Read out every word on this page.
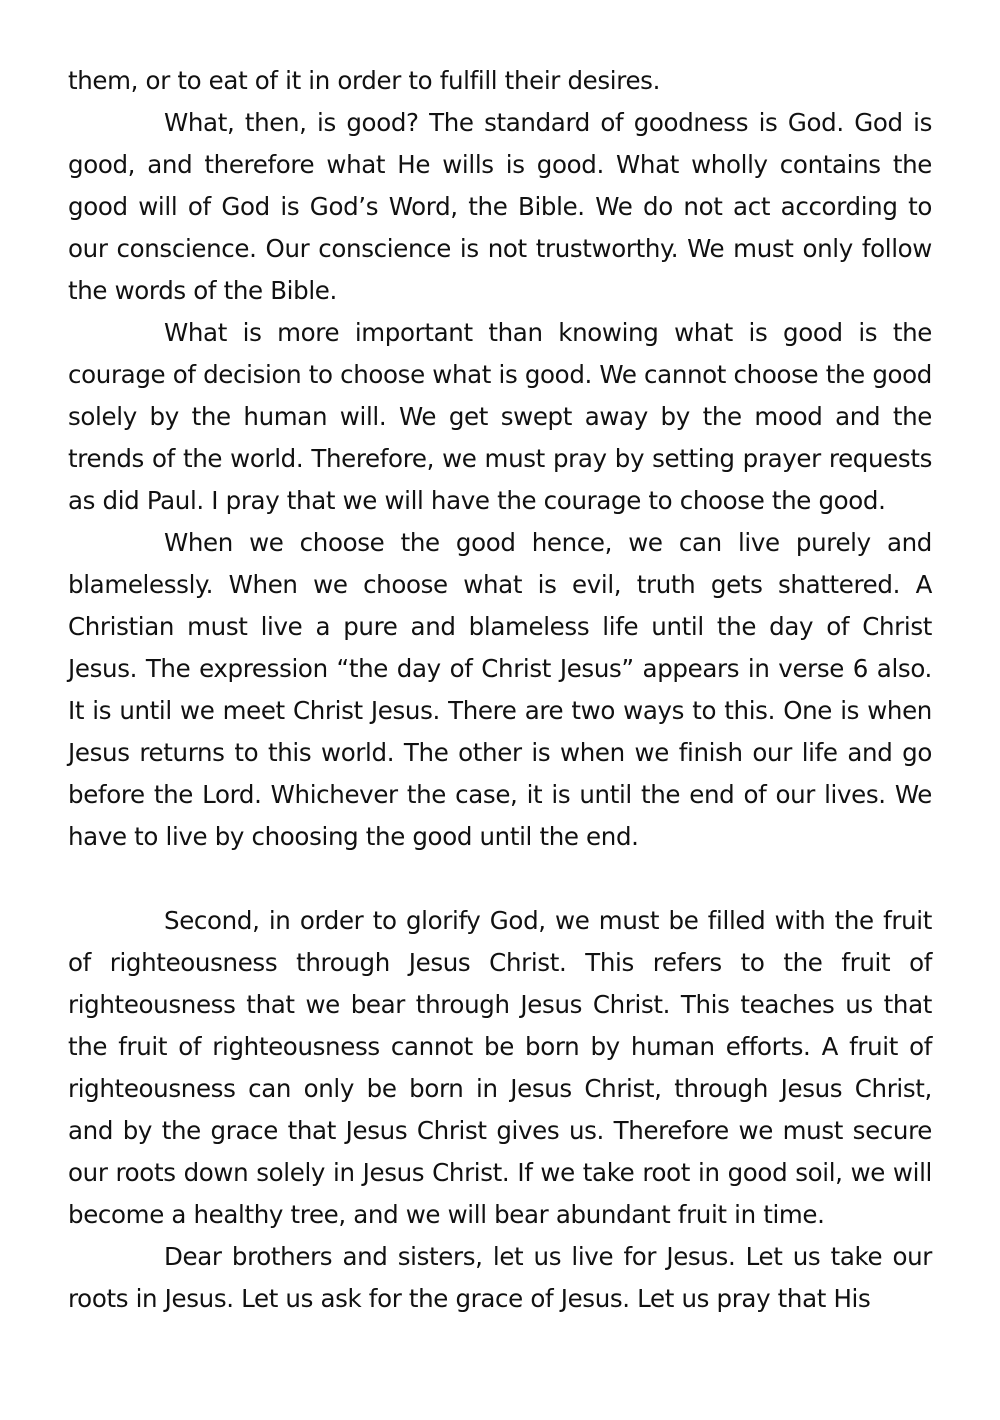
them, or to eat of it in order to fulfill their desires.

What, then, is good? The standard of goodness is God. God is good, and therefore what He wills is good. What wholly contains the good will of God is God’s Word, the Bible. We do not act according to our conscience. Our conscience is not trustworthy. We must only follow the words of the Bible.

What is more important than knowing what is good is the courage of decision to choose what is good. We cannot choose the good solely by the human will. We get swept away by the mood and the trends of the world. Therefore, we must pray by setting prayer requests as did Paul. I pray that we will have the courage to choose the good.

When we choose the good hence, we can live purely and blamelessly. When we choose what is evil, truth gets shattered. A Christian must live a pure and blameless life until the day of Christ Jesus. The expression “the day of Christ Jesus” appears in verse 6 also. It is until we meet Christ Jesus. There are two ways to this. One is when Jesus returns to this world. The other is when we finish our life and go before the Lord. Whichever the case, it is until the end of our lives. We have to live by choosing the good until the end.

Second, in order to glorify God, we must be filled with the fruit of righteousness through Jesus Christ. This refers to the fruit of righteousness that we bear through Jesus Christ. This teaches us that the fruit of righteousness cannot be born by human efforts. A fruit of righteousness can only be born in Jesus Christ, through Jesus Christ, and by the grace that Jesus Christ gives us. Therefore we must secure our roots down solely in Jesus Christ. If we take root in good soil, we will become a healthy tree, and we will bear abundant fruit in time.

Dear brothers and sisters, let us live for Jesus. Let us take our roots in Jesus. Let us ask for the grace of Jesus. Let us pray that His
